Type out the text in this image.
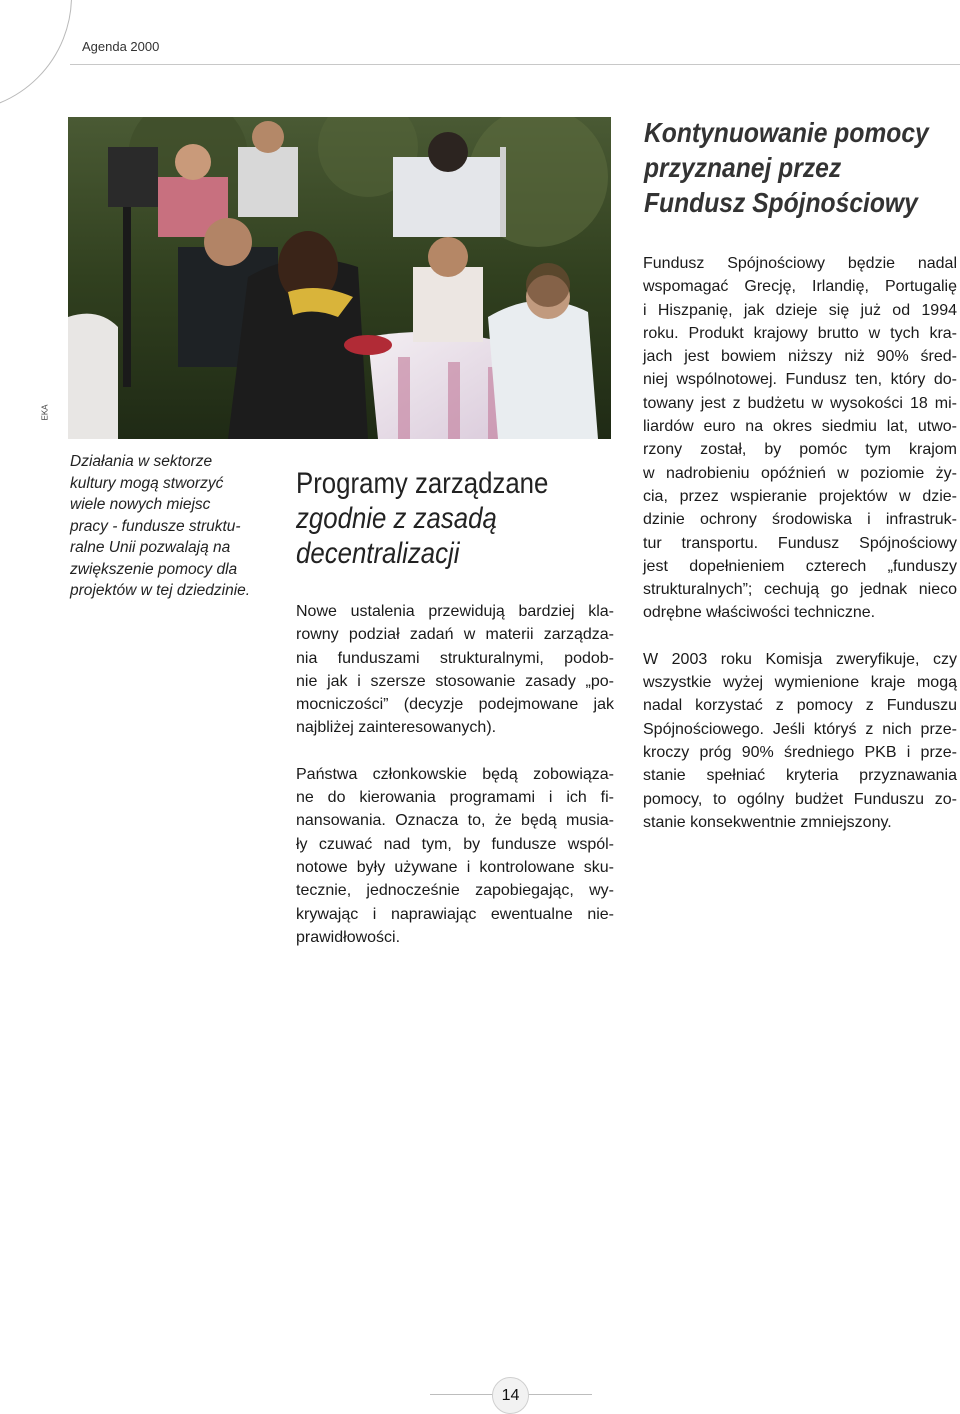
Agenda 2000
EKA
Działania w sektorze
kultury mogą stworzyć
wiele nowych miejsc
pracy - fundusze struktu-
ralne Unii pozwalają na
zwiększenie pomocy dla
projektów w tej dziedzinie.
Programy zarządzane
zgodnie z zasadą
decentralizacji

Nowe ustalenia przewidują bardziej kla-
rowny podział zadań w materii zarządza-
nia funduszami strukturalnymi, podob-
nie jak i szersze stosowanie zasady „po-
mocniczości” (decyzje podejmowane jak
najbliżej zainteresowanych).

Państwa członkowskie będą zobowiąza-
ne do kierowania programami i ich fi-
nansowania. Oznacza to, że będą musia-
ły czuwać nad tym, by fundusze wspól-
notowe były używane i kontrolowane sku-
tecznie, jednocześnie zapobiegając, wy-
krywając i naprawiając ewentualne nie-
prawidłowości.

Kontynuowanie pomocy
przyznanej przez
Fundusz Spójnościowy

Fundusz Spójnościowy będzie nadal
wspomagać Grecję, Irlandię, Portugalię
i Hiszpanię, jak dzieje się już od 1994
roku. Produkt krajowy brutto w tych kra-
jach jest bowiem niższy niż 90% śred-
niej wspólnotowej. Fundusz ten, który do-
towany jest z budżetu w wysokości 18 mi-
liardów euro na okres siedmiu lat, utwo-
rzony został, by pomóc tym krajom
w nadrobieniu opóźnień w poziomie ży-
cia, przez wspieranie projektów w dzie-
dzinie ochrony środowiska i infrastruk-
tur transportu. Fundusz Spójnościowy
jest dopełnieniem czterech „funduszy
strukturalnych”; cechują go jednak nieco
odrębne właściwości techniczne.

W 2003 roku Komisja zweryfikuje, czy
wszystkie wyżej wymienione kraje mogą
nadal korzystać z pomocy z Funduszu
Spójnościowego. Jeśli któryś z nich prze-
kroczy próg 90% średniego PKB i prze-
stanie spełniać kryteria przyznawania
pomocy, to ogólny budżet Funduszu zo-
stanie konsekwentnie zmniejszony.

14
